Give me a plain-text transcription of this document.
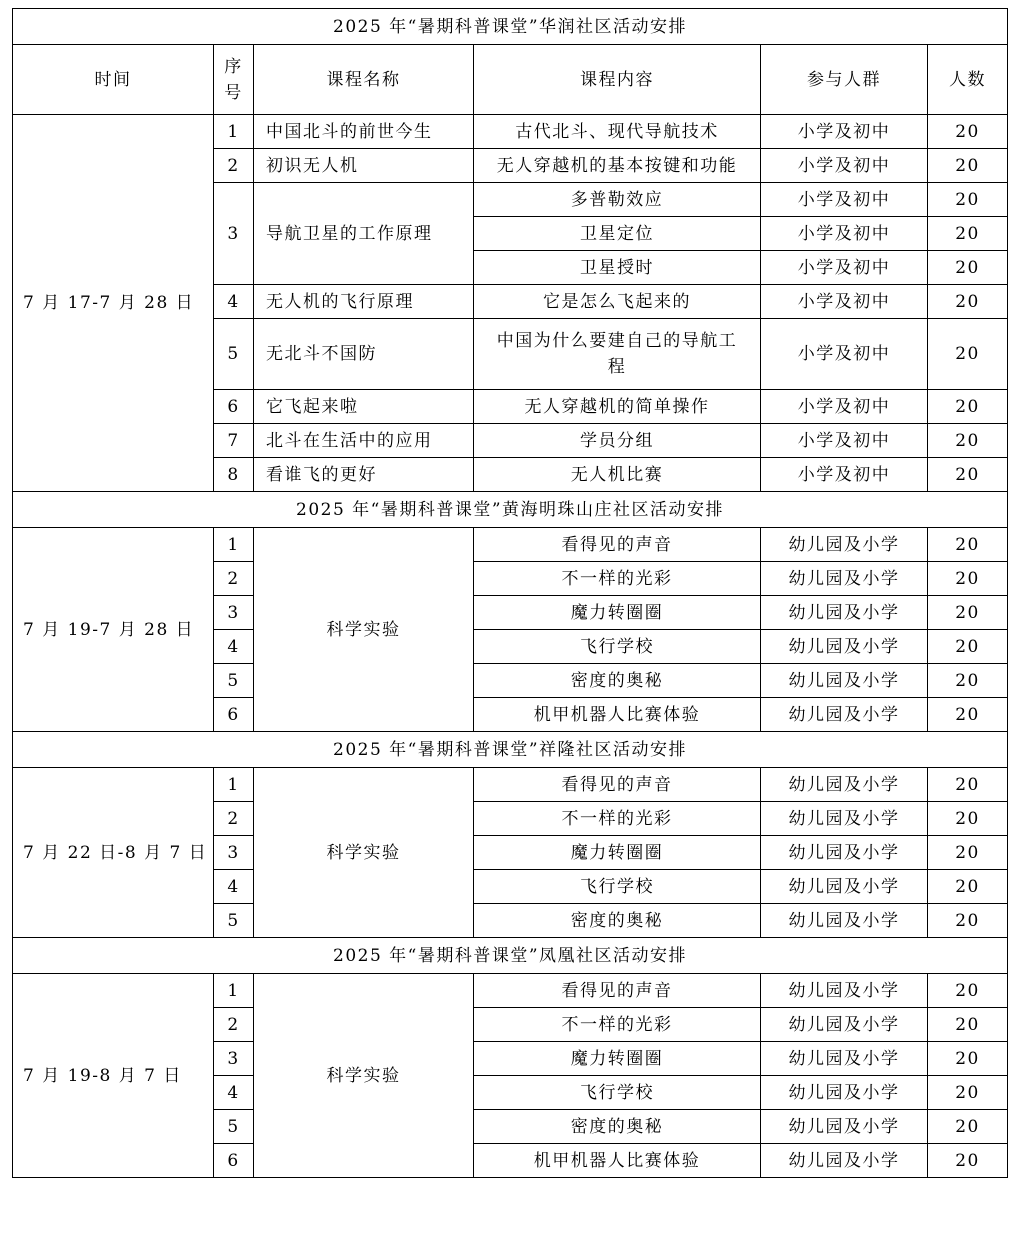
2025 年“暑期科普课堂”华润社区活动安排					
时间	序号	课程名称	课程内容	参与人群	人数
7 月 17-7 月 28 日	1	中国北斗的前世今生	古代北斗、现代导航技术	小学及初中	20
	2	初识无人机	无人穿越机的基本按键和功能	小学及初中	20
	3	导航卫星的工作原理	多普勒效应	小学及初中	20
			卫星定位	小学及初中	20
			卫星授时	小学及初中	20
	4	无人机的飞行原理	它是怎么飞起来的	小学及初中	20
	5	无北斗不国防	中国为什么要建自己的导航工程	小学及初中	20
	6	它飞起来啦	无人穿越机的简单操作	小学及初中	20
	7	北斗在生活中的应用	学员分组	小学及初中	20
	8	看谁飞的更好	无人机比赛	小学及初中	20
2025 年“暑期科普课堂”黄海明珠山庄社区活动安排					
7 月 19-7 月 28 日	1	科学实验	看得见的声音	幼儿园及小学	20
	2		不一样的光彩	幼儿园及小学	20
	3		魔力转圈圈	幼儿园及小学	20
	4		飞行学校	幼儿园及小学	20
	5		密度的奥秘	幼儿园及小学	20
	6		机甲机器人比赛体验	幼儿园及小学	20
2025 年“暑期科普课堂”祥隆社区活动安排					
7 月 22 日-8 月 7 日	1	科学实验	看得见的声音	幼儿园及小学	20
	2		不一样的光彩	幼儿园及小学	20
	3		魔力转圈圈	幼儿园及小学	20
	4		飞行学校	幼儿园及小学	20
	5		密度的奥秘	幼儿园及小学	20
2025 年“暑期科普课堂”凤凰社区活动安排					
7 月 19-8 月 7 日	1	科学实验	看得见的声音	幼儿园及小学	20
	2		不一样的光彩	幼儿园及小学	20
	3		魔力转圈圈	幼儿园及小学	20
	4		飞行学校	幼儿园及小学	20
	5		密度的奥秘	幼儿园及小学	20
	6		机甲机器人比赛体验	幼儿园及小学	20
